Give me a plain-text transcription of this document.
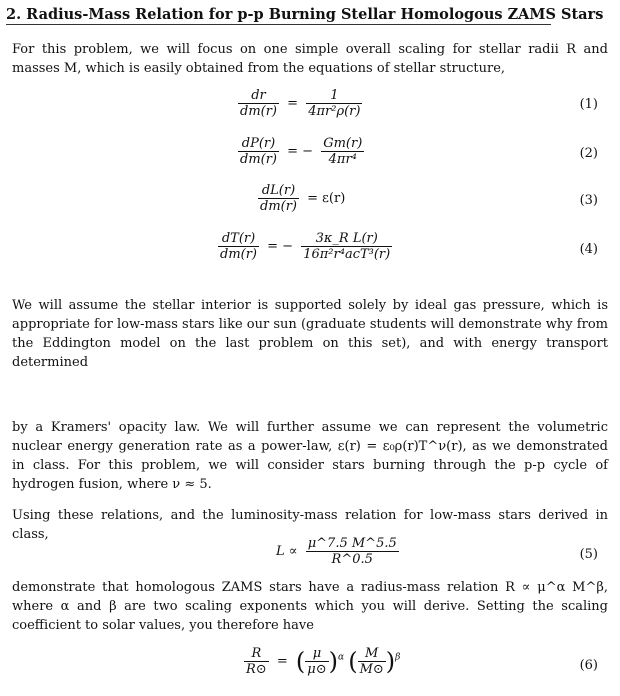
2. Radius-Mass Relation for p-p Burning Stellar Homologous ZAMS Stars
For this problem, we will focus on one simple overall scaling for stellar radii R and masses M, which is easily obtained from the equations of stellar structure,
$\frac{dr}{dm(r)} = \frac{1}{\text{4πr²ρ(r)}}$	(1)
$\frac{dP(r)}{dm(r)}$ = − $\frac{Gm(r)}{\text{4πr⁴}}$	(2)
$\frac{dL(r)}{dm(r)} = \varepsilon(r)$	(3)
$\frac{dT(r)}{dm(r)}$ = − $\frac{\text{3κ\_R L(r)}}{\text{16π²r⁴acT³(r)}}$	(4)
We will assume the stellar interior is supported solely by ideal gas pressure, which is appropriate for low-mass stars like our sun (graduate students will demonstrate why from the Eddington model on the last problem on this set), and with energy transport determined
by a Kramers' opacity law. We will further assume we can represent the volumetric nuclear energy generation rate as a power-law, ε(r) = ε₀ρ(r)T^ν(r), as we demonstrated in class. For this problem, we will consider stars burning through the p-p cycle of hydrogen fusion, where ν ≈ 5.
Using these relations, and the luminosity-mass relation for low-mass stars derived in class,
$L \propto \frac{\mu\^{}7.5 M\^{}5.5}{R\^{}0.5}$	(5)
demonstrate that homologous ZAMS stars have a radius-mass relation R ∝ μ^α M^β, where α and β are two scaling exponents which you will derive. Setting the scaling coefficient to solar values, you therefore have
$\frac{R}{R⊙}$ = ( $\frac{\mu}{\mu⊙} )^\alpha$ ( $\frac{M}{M⊙} )^\beta$
(6)
